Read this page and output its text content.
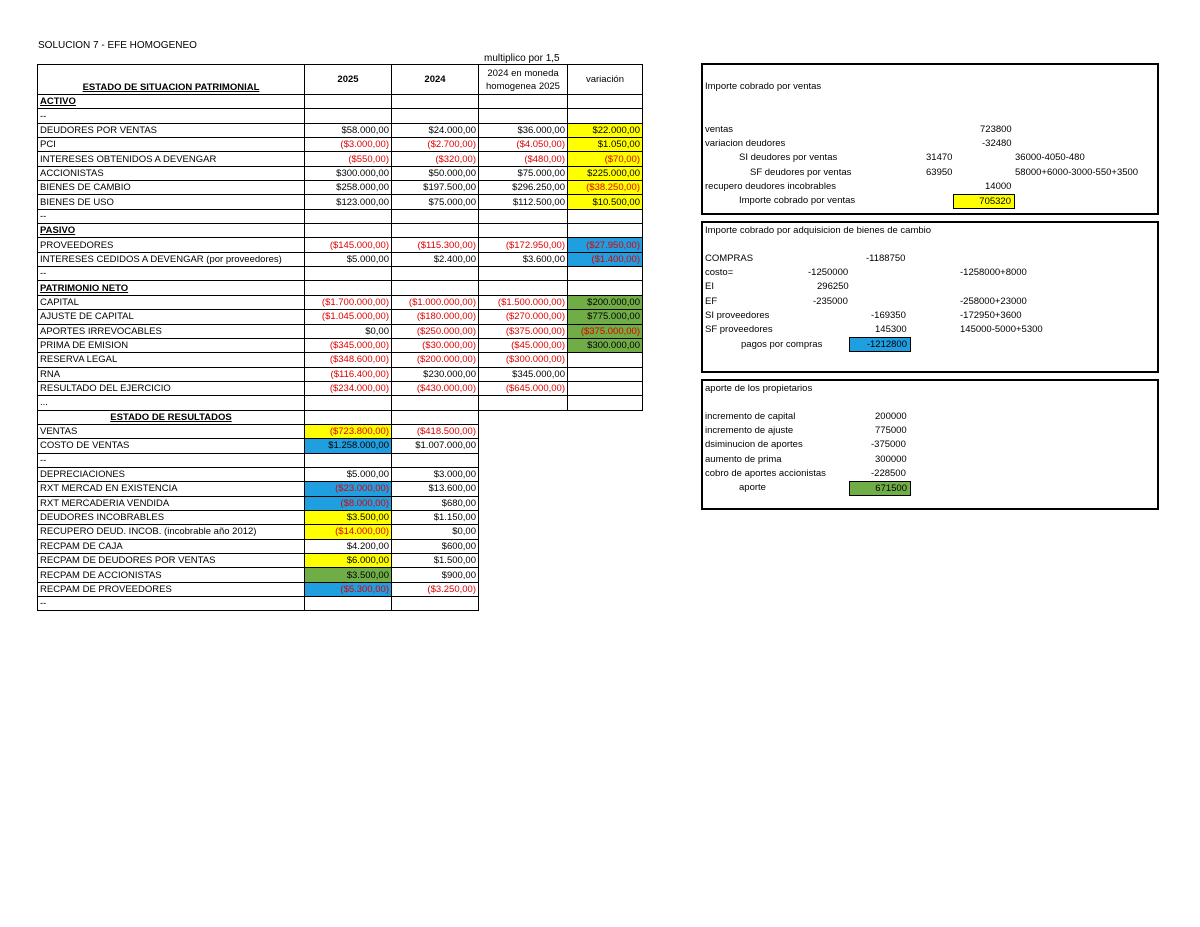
SOLUCION 7 - EFE HOMOGENEO
multiplico por 1,5
ESTADO DE SITUACION PATRIMONIAL	2025	2024	2024 en moneda
homogenea 2025	variación
ACTIVO				
--				
DEUDORES POR VENTAS	$58.000,00	$24.000,00	$36.000,00	$22.000,00
PCI	($3.000,00)	($2.700,00)	($4.050,00)	$1.050,00
INTERESES OBTENIDOS A DEVENGAR	($550,00)	($320,00)	($480,00)	($70,00)
ACCIONISTAS	$300.000,00	$50.000,00	$75.000,00	$225.000,00
BIENES DE CAMBIO	$258.000,00	$197.500,00	$296.250,00	($38.250,00)
BIENES DE USO	$123.000,00	$75.000,00	$112.500,00	$10.500,00
--				
PASIVO				
PROVEEDORES	($145.000,00)	($115.300,00)	($172.950,00)	($27.950,00)
INTERESES CEDIDOS A DEVENGAR (por proveedores)	$5.000,00	$2.400,00	$3.600,00	($1.400,00)
--				
PATRIMONIO NETO				
CAPITAL	($1.700.000,00)	($1.000.000,00)	($1.500.000,00)	$200.000,00
AJUSTE DE CAPITAL	($1.045.000,00)	($180.000,00)	($270.000,00)	$775.000,00
APORTES IRREVOCABLES	$0,00	($250.000,00)	($375.000,00)	($375.000,00)
PRIMA DE EMISION	($345.000,00)	($30.000,00)	($45.000,00)	$300.000,00
RESERVA LEGAL	($348.600,00)	($200.000,00)	($300.000,00)	
RNA	($116.400,00)	$230.000,00	$345.000,00	
RESULTADO DEL EJERCICIO	($234.000,00)	($430.000,00)	($645.000,00)	
...				
ESTADO DE RESULTADOS				
VENTAS	($723.800,00)	($418.500,00)		
COSTO DE VENTAS	$1.258.000,00	$1.007.000,00		
--				
DEPRECIACIONES	$5.000,00	$3.000,00		
RXT MERCAD EN EXISTENCIA	($23.000,00)	$13.600,00		
RXT MERCADERIA VENDIDA	($8.000,00)	$680,00		
DEUDORES INCOBRABLES	$3.500,00	$1.150,00		
RECUPERO DEUD. INCOB. (incobrable año 2012)	($14.000,00)	$0,00		
RECPAM DE CAJA	$4.200,00	$600,00		
RECPAM DE DEUDORES POR VENTAS	$6.000,00	$1.500,00		
RECPAM DE ACCIONISTAS	$3.500,00	$900,00		
RECPAM DE PROVEEDORES	($5.300,00)	($3.250,00)		
--				
Importe cobrado por ventas
ventas	723800
variacion deudores	-32480
SI deudores por ventas	31470	36000-4050-480
SF deudores por ventas	63950	58000+6000-3000-550+3500
recupero deudores incobrables	14000
Importe cobrado por ventas	705320
Importe cobrado por adquisicion de bienes de cambio
COMPRAS	-1188750
costo=	-1250000	-1258000+8000
EI	296250
EF	-235000	-258000+23000
SI proveedores	-169350	-172950+3600
SF proveedores	145300	145000-5000+5300
pagos por compras	-1212800
aporte de los propietarios
incremento de capital	200000
incremento de ajuste	775000
dsiminucion de aportes	-375000
aumento de prima	300000
cobro de aportes accionistas	-228500
aporte	671500
